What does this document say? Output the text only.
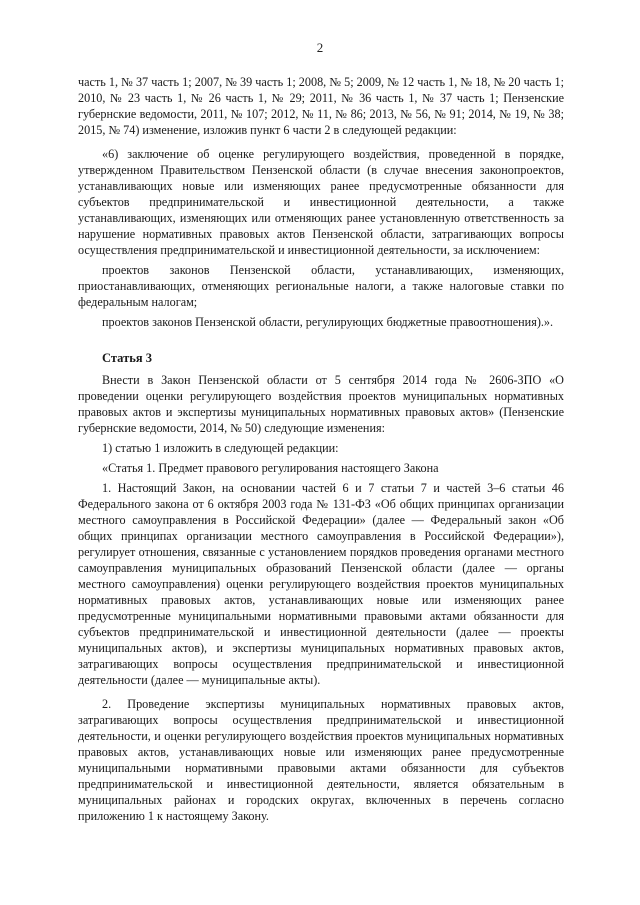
2

часть 1, № 37 часть 1; 2007, № 39 часть 1; 2008, № 5; 2009, № 12 часть 1, № 18, № 20 часть 1; 2010, № 23 часть 1, № 26 часть 1, № 29; 2011, № 36 часть 1, № 37 часть 1; Пензенские губернские ведомости, 2011, № 107; 2012, № 11, № 86; 2013, № 56, № 91; 2014, № 19, № 38; 2015, № 74) изменение, изложив пункт 6 части 2 в следующей редакции:

«6) заключение об оценке регулирующего воздействия, проведенной в порядке, утвержденном Правительством Пензенской области (в случае внесения законопроектов, устанавливающих новые или изменяющих ранее предусмотренные обязанности для субъектов предпринимательской и инвестиционной деятельности, а также устанавливающих, изменяющих или отменяющих ранее установленную ответственность за нарушение нормативных правовых актов Пензенской области, затрагивающих вопросы осуществления предпринимательской и инвестиционной деятельности, за исключением:

проектов законов Пензенской области, устанавливающих, изменяющих, приостанавливающих, отменяющих региональные налоги, а также налоговые ставки по федеральным налогам;

проектов законов Пензенской области, регулирующих бюджетные правоотношения).».

Статья 3

Внести в Закон Пензенской области от 5 сентября 2014 года № 2606-ЗПО «О проведении оценки регулирующего воздействия проектов муниципальных нормативных правовых актов и экспертизы муниципальных нормативных правовых актов» (Пензенские губернские ведомости, 2014, № 50) следующие изменения:

1) статью 1 изложить в следующей редакции:

«Статья 1. Предмет правового регулирования настоящего Закона

1. Настоящий Закон, на основании частей 6 и 7 статьи 7 и частей 3–6 статьи 46 Федерального закона от 6 октября 2003 года № 131-ФЗ «Об общих принципах организации местного самоуправления в Российской Федерации» (далее — Федеральный закон «Об общих принципах организации местного самоуправления в Российской Федерации»), регулирует отношения, связанные с установлением порядков проведения органами местного самоуправления муниципальных образований Пензенской области (далее — органы местного самоуправления) оценки регулирующего воздействия проектов муниципальных нормативных правовых актов, устанавливающих новые или изменяющих ранее предусмотренные муниципальными нормативными правовыми актами обязанности для субъектов предпринимательской и инвестиционной деятельности (далее — проекты муниципальных актов), и экспертизы муниципальных нормативных правовых актов, затрагивающих вопросы осуществления предпринимательской и инвестиционной деятельности (далее — муниципальные акты).

2. Проведение экспертизы муниципальных нормативных правовых актов, затрагивающих вопросы осуществления предпринимательской и инвестиционной деятельности, и оценки регулирующего воздействия проектов муниципальных нормативных правовых актов, устанавливающих новые или изменяющих ранее предусмотренные муниципальными нормативными правовыми актами обязанности для субъектов предпринимательской и инвестиционной деятельности, является обязательным в муниципальных районах и городских округах, включенных в перечень согласно приложению 1 к настоящему Закону.
